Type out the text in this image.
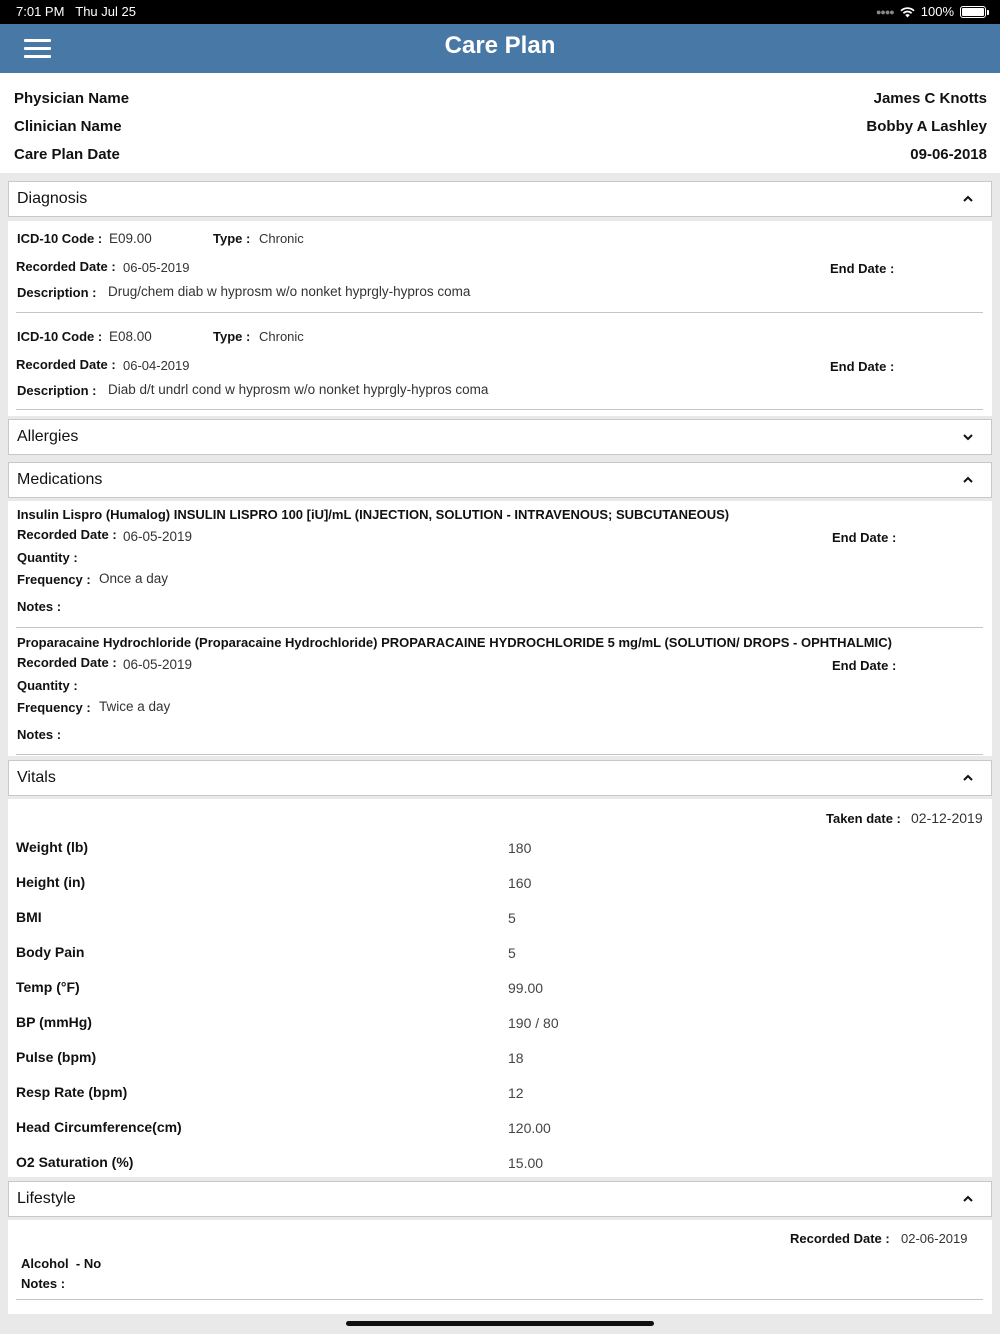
7:01 PM Thu Jul 25	●●●● 100%
Care Plan
Physician Name	James C Knotts
Clinician Name	Bobby A Lashley
Care Plan Date	09-06-2018
Diagnosis
ICD-10 Code : E09.00	Type : Chronic
Recorded Date : 06-05-2019	End Date :
Description : Drug/chem diab w hyprosm w/o nonket hyprgly-hypros coma
ICD-10 Code : E08.00	Type : Chronic
Recorded Date : 06-04-2019	End Date :
Description : Diab d/t undrl cond w hyprosm w/o nonket hyprgly-hypros coma
Allergies
Medications
Insulin Lispro (Humalog) INSULIN LISPRO 100 [iU]/mL (INJECTION, SOLUTION - INTRAVENOUS; SUBCUTANEOUS)
Recorded Date : 06-05-2019	End Date :
Quantity :
Frequency : Once a day
Notes :
Proparacaine Hydrochloride (Proparacaine Hydrochloride) PROPARACAINE HYDROCHLORIDE 5 mg/mL (SOLUTION/ DROPS - OPHTHALMIC)
Recorded Date : 06-05-2019	End Date :
Quantity :
Frequency : Twice a day
Notes :
Vitals
Taken date : 02-12-2019
Weight (lb)	180
Height (in)	160
BMI	5
Body Pain	5
Temp (°F)	99.00
BP (mmHg)	190 / 80
Pulse (bpm)	18
Resp Rate (bpm)	12
Head Circumference(cm)	120.00
O2 Saturation (%)	15.00
Lifestyle
Recorded Date : 02-06-2019
Alcohol  - No
Notes :
